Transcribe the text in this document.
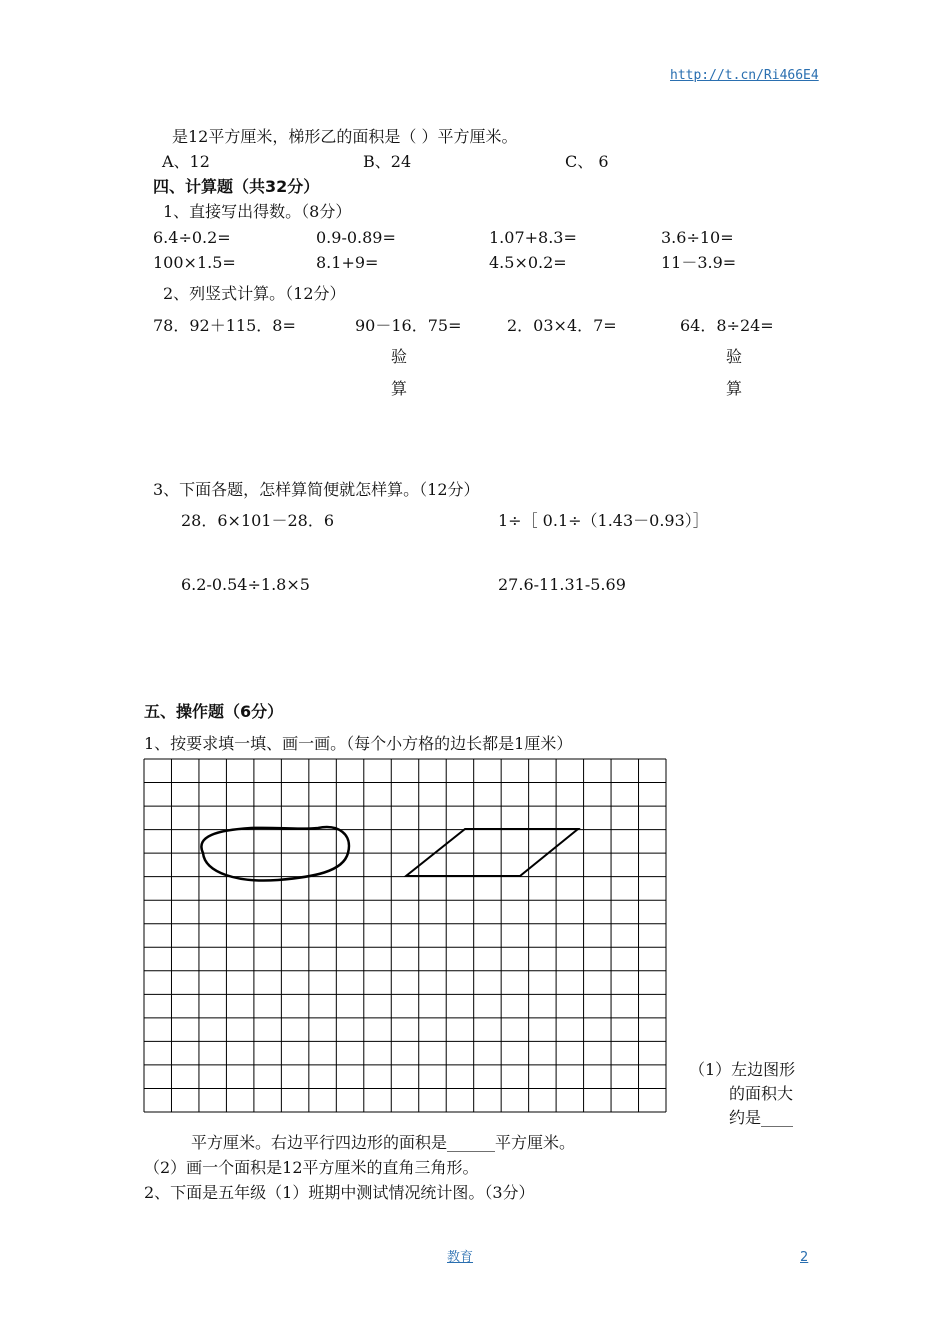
http://t.cn/Ri466E4
是12平方厘米，梯形乙的面积是（ ）平方厘米。
A、12	B、24	C、 6
四、计算题（共32分）
1、直接写出得数。（8分）
6.4÷0.2=	0.9-0.89=	1.07+8.3=	3.6÷10=
100×1.5=	8.1+9=	4.5×0.2=	11－3.9=
2、列竖式计算。（12分）
78．92＋115．8=	90－16．75=	2．03×4．7=	64．8÷24=
验
算
验
算
3、下面各题，怎样算简便就怎样算。（12分）
28．6×101－28．6	1÷［ 0.1÷（1.43－0.93）］
6.2-0.54÷1.8×5	27.6-11.31-5.69
五、操作题（6分）
1、按要求填一填、画一画。（每个小方格的边长都是1厘米）
（1）左边图形
的面积大
约是____
平方厘米。右边平行四边形的面积是______平方厘米。
（2）画一个面积是12平方厘米的直角三角形。
2、下面是五年级（1）班期中测试情况统计图。（3分）
教育	2
